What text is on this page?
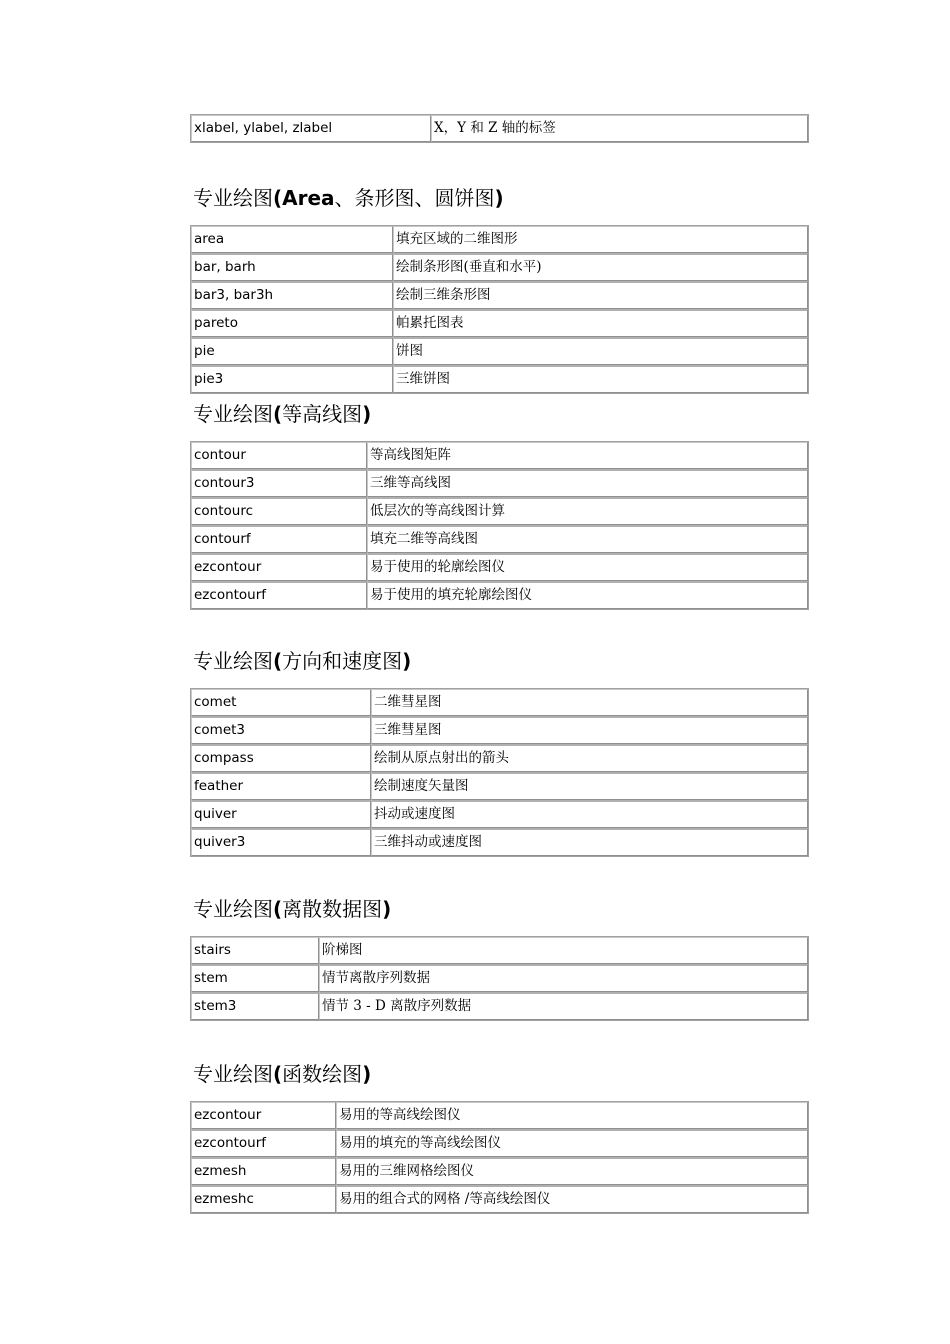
xlabel, ylabel, zlabel	X，Y 和 Z 轴的标签
专业绘图(Area、条形图、圆饼图)
area	填充区域的二维图形
bar, barh	绘制条形图(垂直和水平)
bar3, bar3h	绘制三维条形图
pareto	帕累托图表
pie	饼图
pie3	三维饼图
专业绘图(等高线图)
contour	等高线图矩阵
contour3	三维等高线图
contourc	低层次的等高线图计算
contourf	填充二维等高线图
ezcontour	易于使用的轮廓绘图仪
ezcontourf	易于使用的填充轮廓绘图仪
专业绘图(方向和速度图)
comet	二维彗星图
comet3	三维彗星图
compass	绘制从原点射出的箭头
feather	绘制速度矢量图
quiver	抖动或速度图
quiver3	三维抖动或速度图
专业绘图(离散数据图)
stairs	阶梯图
stem	情节离散序列数据
stem3	情节 3 - D 离散序列数据
专业绘图(函数绘图)
ezcontour	易用的等高线绘图仪
ezcontourf	易用的填充的等高线绘图仪
ezmesh	易用的三维网格绘图仪
ezmeshc	易用的组合式的网格 /等高线绘图仪
